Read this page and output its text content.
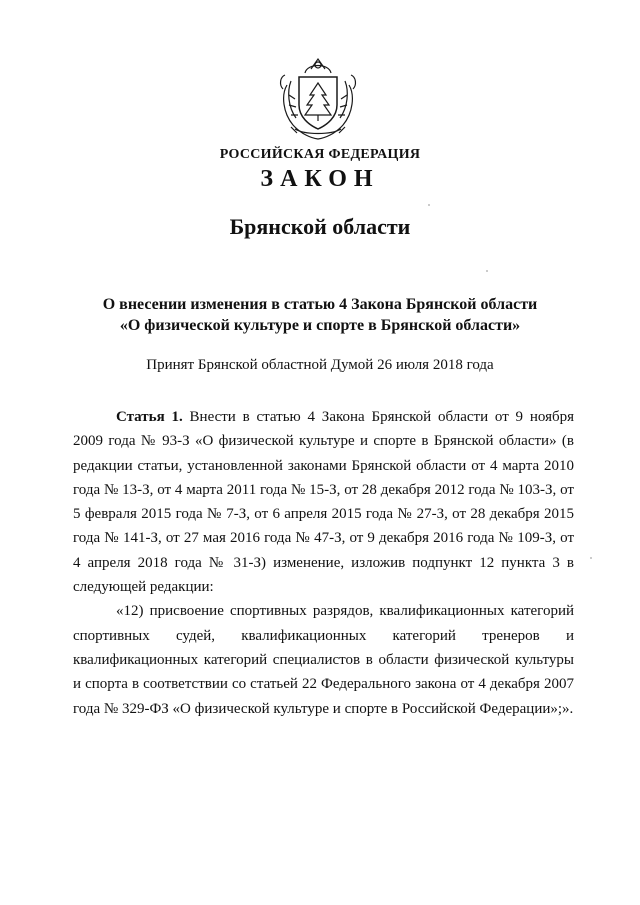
РОССИЙСКАЯ ФЕДЕРАЦИЯ
ЗАКОН
Брянской области
О внесении изменения в статью 4 Закона Брянской области
«О физической культуре и спорте в Брянской области»
Принят Брянской областной Думой 26 июля 2018 года

Статья 1. Внести в статью 4 Закона Брянской области от 9 ноября 2009 года № 93-З «О физической культуре и спорте в Брянской области» (в редакции статьи, установленной законами Брянской области от 4 марта 2010 года № 13-З, от 4 марта 2011 года № 15-З, от 28 декабря 2012 года № 103-З, от 5 февраля 2015 года № 7-З, от 6 апреля 2015 года № 27-З, от 28 декабря 2015 года № 141-З, от 27 мая 2016 года № 47-З, от 9 декабря 2016 года № 109-З, от 4 апреля 2018 года № 31-З) изменение, изложив подпункт 12 пункта 3 в следующей редакции:

«12) присвоение спортивных разрядов, квалификационных категорий спортивных судей, квалификационных категорий тренеров и квалификационных категорий специалистов в области физической культуры и спорта в соответствии со статьей 22 Федерального закона от 4 декабря 2007 года № 329-ФЗ «О физической культуре и спорте в Российской Федерации»;».
